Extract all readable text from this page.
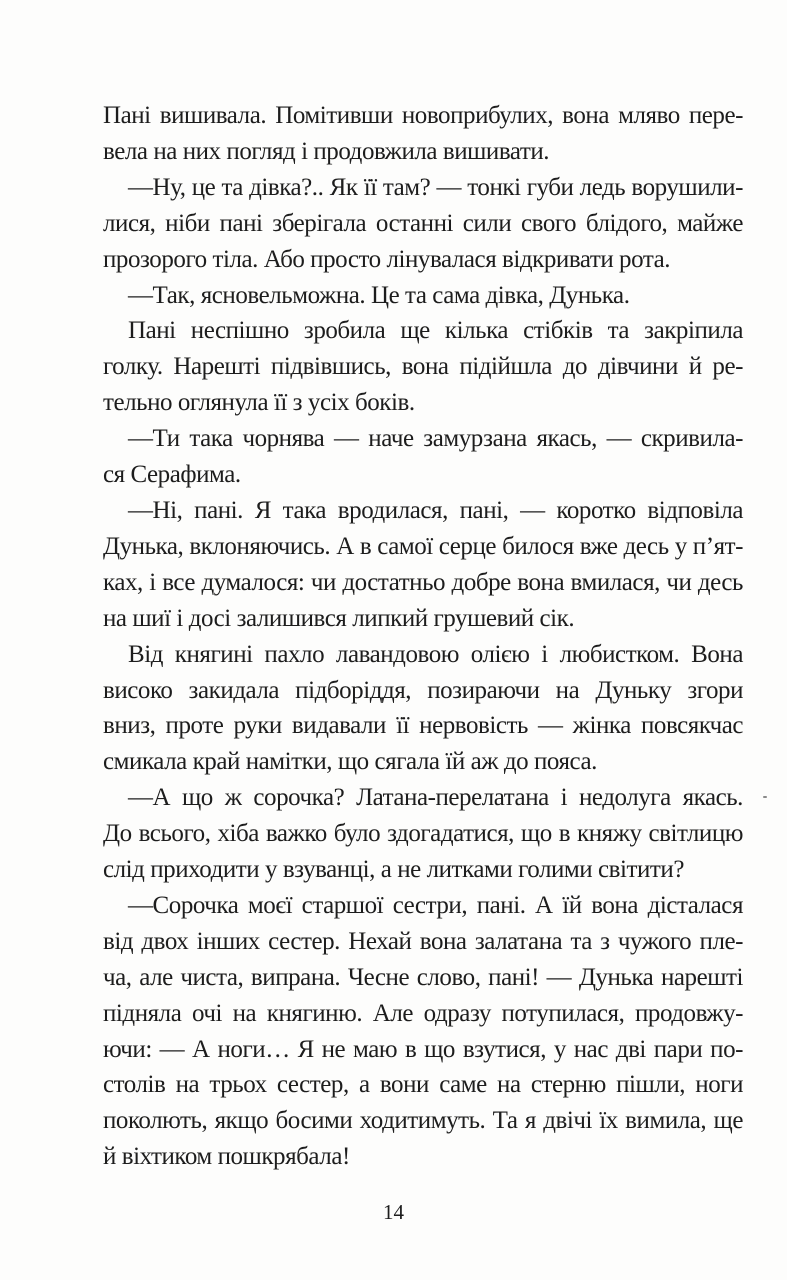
Пані вишивала. Помітивши новоприбулих, вона мляво пере-
вела на них погляд і продовжила вишивати.
—Ну, це та дівка?.. Як її там? — тонкі губи ледь ворушили-
лися, ніби пані зберігала останні сили свого блідого, майже
прозорого тіла. Або просто лінувалася відкривати рота.
—Так, ясновельможна. Це та сама дівка, Дунька.
Пані неспішно зробила ще кілька стібків та закріпила
голку. Нарешті підвівшись, вона підійшла до дівчини й ре-
тельно оглянула її з усіх боків.
—Ти така чорнява — наче замурзана якась, — скривила-
ся Серафима.
—Ні, пані. Я така вродилася, пані, — коротко відповіла
Дунька, вклоняючись. А в самої серце билося вже десь у п’ят-
ках, і все думалося: чи достатньо добре вона вмилася, чи десь
на шиї і досі залишився липкий грушевий сік.
Від княгині пахло лавандовою олією і любистком. Вона
високо закидала підборіддя, позираючи на Дуньку згори
вниз, проте руки видавали її нервовість — жінка повсякчас
смикала край намітки, що сягала їй аж до пояса.
—А що ж сорочка? Латана-перелатана і недолуга якась.
До всього, хіба важко було здогадатися, що в княжу світлицю
слід приходити у взуванці, а не литками голими світити?
—Сорочка моєї старшої сестри, пані. А їй вона дісталася
від двох інших сестер. Нехай вона залатана та з чужого пле-
ча, але чиста, випрана. Чесне слово, пані! — Дунька нарешті
підняла очі на княгиню. Але одразу потупилася, продовжу-
ючи: — А ноги… Я не маю в що взутися, у нас дві пари по-
столів на трьох сестер, а вони саме на стерню пішли, ноги
поколють, якщо босими ходитимуть. Та я двічі їх вимила, ще
й віхтиком пошкрябала!
14
